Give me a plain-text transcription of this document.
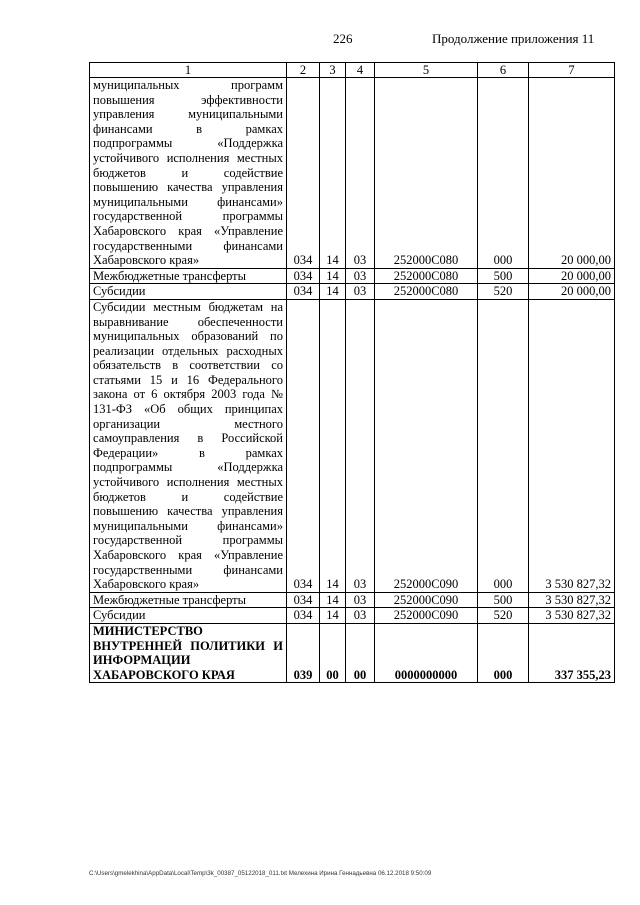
226	Продолжение приложения 11
1	2	3	4	5	6	7
муниципальных программ повышения эффективности управления муниципальными финансами в рамках подпрограммы «Поддержка устойчивого исполнения местных бюджетов и содействие повышению качества управления муниципальными финансами» государственной программы Хабаровского края «Управление государственными финансами Хабаровского края»	034	14	03	252000С080	000	20 000,00
Межбюджетные трансферты	034	14	03	252000С080	500	20 000,00
Субсидии	034	14	03	252000С080	520	20 000,00
Субсидии местным бюджетам на выравнивание обеспеченности муниципальных образований по реализации отдельных расходных обязательств в соответствии со статьями 15 и 16 Федерального закона от 6 октября 2003 года № 131-ФЗ «Об общих принципах организации местного самоуправления в Российской Федерации» в рамках подпрограммы «Поддержка устойчивого исполнения местных бюджетов и содействие повышению качества управления муниципальными финансами» государственной программы Хабаровского края «Управление государственными финансами Хабаровского края»	034	14	03	252000С090	000	3 530 827,32
Межбюджетные трансферты	034	14	03	252000С090	500	3 530 827,32
Субсидии	034	14	03	252000С090	520	3 530 827,32
МИНИСТЕРСТВО ВНУТРЕННЕЙ ПОЛИТИКИ И ИНФОРМАЦИИ ХАБАРОВСКОГО КРАЯ	039	00	00	0000000000	000	337 355,23
C:\Users\gmelekhina\AppData\Local\Temp\3k_00387_05122018_011.txt Мелехина Ирина Геннадьевна 06.12.2018 9:50:09
